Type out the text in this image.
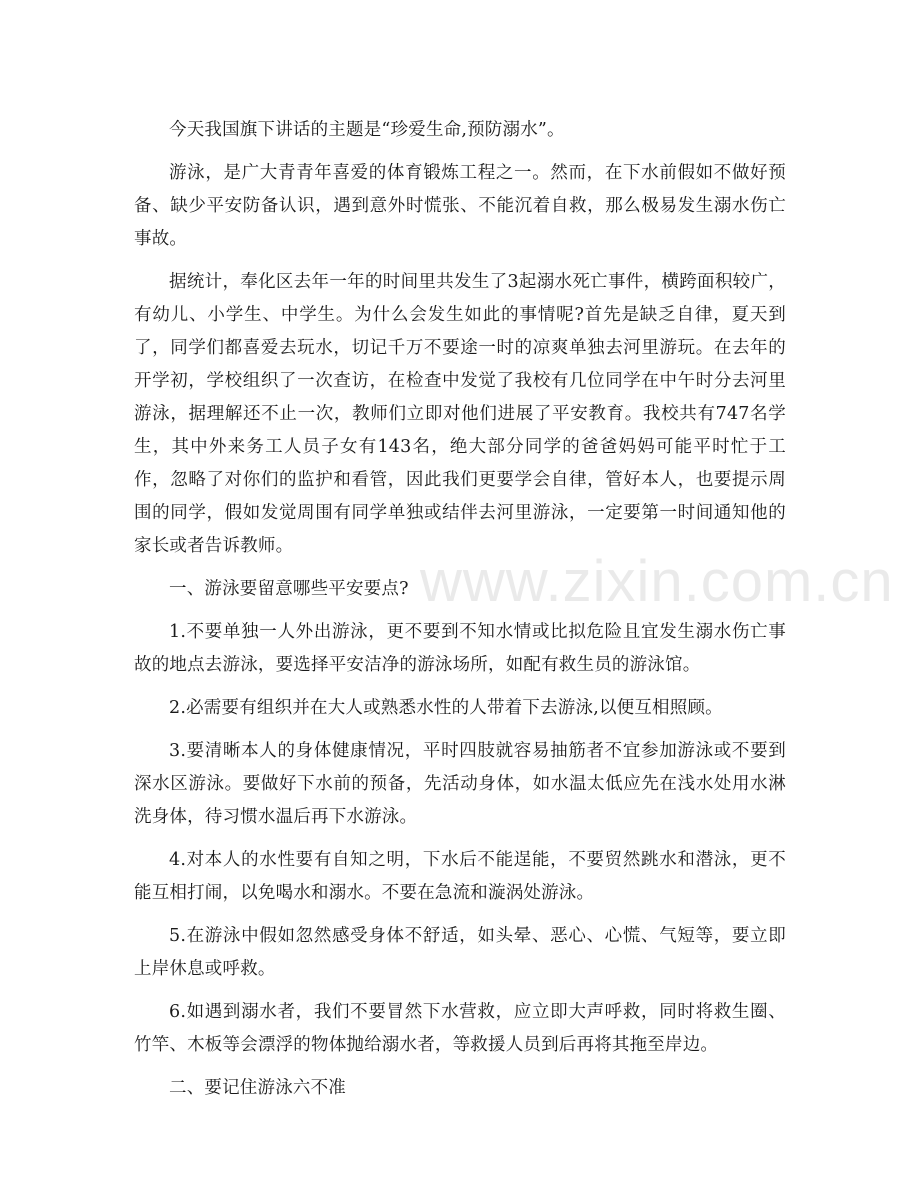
今天我国旗下讲话的主题是“珍爱生命,预防溺水”。

游泳，是广大青青年喜爱的体育锻炼工程之一。然而，在下水前假如不做好预备、缺少平安防备认识，遇到意外时慌张、不能沉着自救，那么极易发生溺水伤亡事故。

据统计，奉化区去年一年的时间里共发生了3起溺水死亡事件，横跨面积较广，有幼儿、小学生、中学生。为什么会发生如此的事情呢?首先是缺乏自律，夏天到了，同学们都喜爱去玩水，切记千万不要途一时的凉爽单独去河里游玩。在去年的开学初，学校组织了一次查访，在检查中发觉了我校有几位同学在中午时分去河里游泳，据理解还不止一次，教师们立即对他们进展了平安教育。我校共有747名学生，其中外来务工人员子女有143名，绝大部分同学的爸爸妈妈可能平时忙于工作，忽略了对你们的监护和看管，因此我们更要学会自律，管好本人，也要提示周围的同学，假如发觉周围有同学单独或结伴去河里游泳，一定要第一时间通知他的家长或者告诉教师。

一、游泳要留意哪些平安要点?

1.不要单独一人外出游泳，更不要到不知水情或比拟危险且宜发生溺水伤亡事故的地点去游泳，要选择平安洁净的游泳场所，如配有救生员的游泳馆。

2.必需要有组织并在大人或熟悉水性的人带着下去游泳,以便互相照顾。

3.要清晰本人的身体健康情况，平时四肢就容易抽筋者不宜参加游泳或不要到深水区游泳。要做好下水前的预备，先活动身体，如水温太低应先在浅水处用水淋洗身体，待习惯水温后再下水游泳。

4.对本人的水性要有自知之明，下水后不能逞能，不要贸然跳水和潜泳，更不能互相打闹，以免喝水和溺水。不要在急流和漩涡处游泳。

5.在游泳中假如忽然感受身体不舒适，如头晕、恶心、心慌、气短等，要立即上岸休息或呼救。

6.如遇到溺水者，我们不要冒然下水营救，应立即大声呼救，同时将救生圈、竹竿、木板等会漂浮的物体抛给溺水者，等救援人员到后再将其拖至岸边。

二、要记住游泳六不准

www.zixin.com.cn
